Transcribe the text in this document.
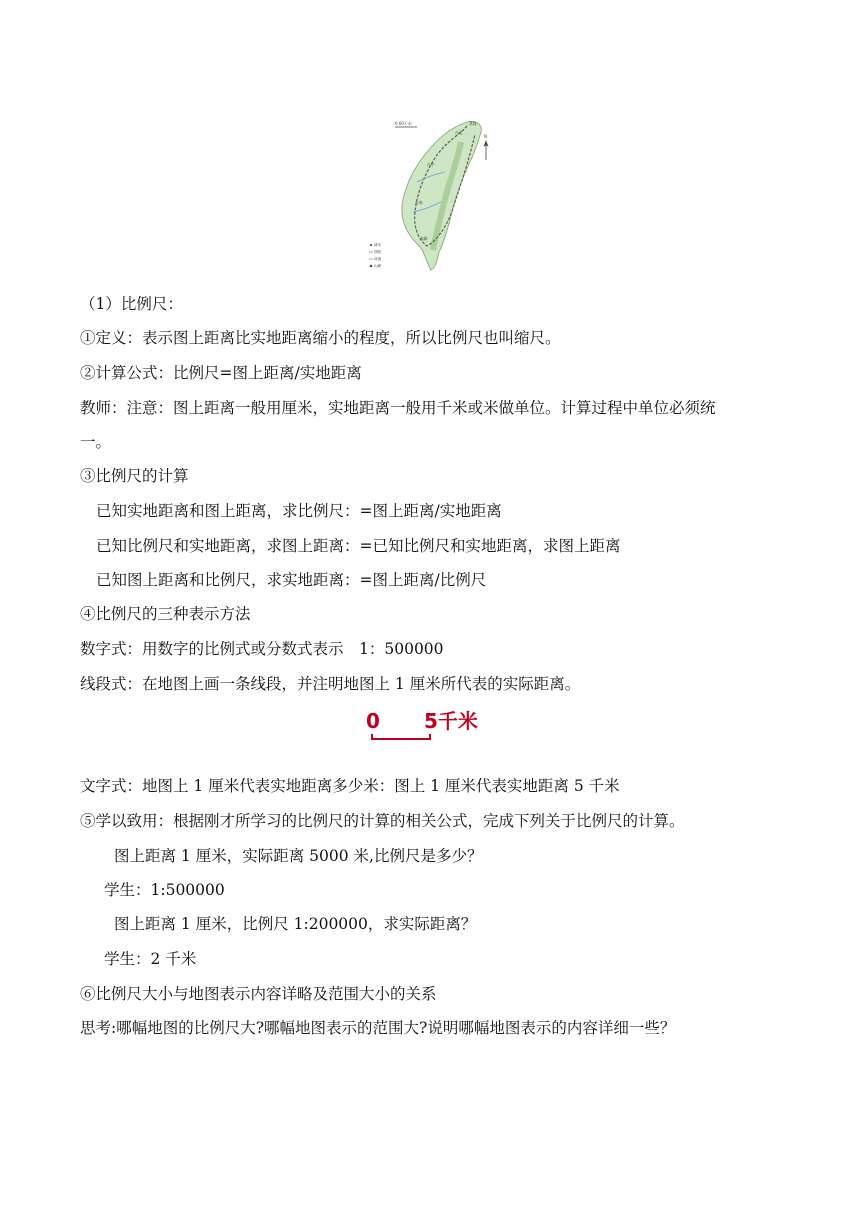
0 60千米
N
基隆
台北
台中
台南
高雄
城市
铁路
河流
山峰
（1）比例尺：
①定义：表示图上距离比实地距离缩小的程度，所以比例尺也叫缩尺。
②计算公式：比例尺=图上距离/实地距离
教师：注意：图上距离一般用厘米，实地距离一般用千米或米做单位。计算过程中单位必须统
一。
③比例尺的计算
已知实地距离和图上距离，求比例尺：=图上距离/实地距离
已知比例尺和实地距离，求图上距离：=已知比例尺和实地距离，求图上距离
已知图上距离和比例尺，求实地距离：=图上距离/比例尺
④比例尺的三种表示方法
数字式：用数字的比例式或分数式表示　1：500000
线段式：在地图上画一条线段，并注明地图上 1 厘米所代表的实际距离。
0 5千米
文字式：地图上 1 厘米代表实地距离多少米：图上 1 厘米代表实地距离 5 千米
⑤学以致用：根据刚才所学习的比例尺的计算的相关公式，完成下列关于比例尺的计算。
图上距离 1 厘米，实际距离 5000 米,比例尺是多少？
学生：1:500000
图上距离 1 厘米，比例尺 1:200000，求实际距离？
学生：2 千米
⑥比例尺大小与地图表示内容详略及范围大小的关系
思考:哪幅地图的比例尺大?哪幅地图表示的范围大?说明哪幅地图表示的内容详细一些？
